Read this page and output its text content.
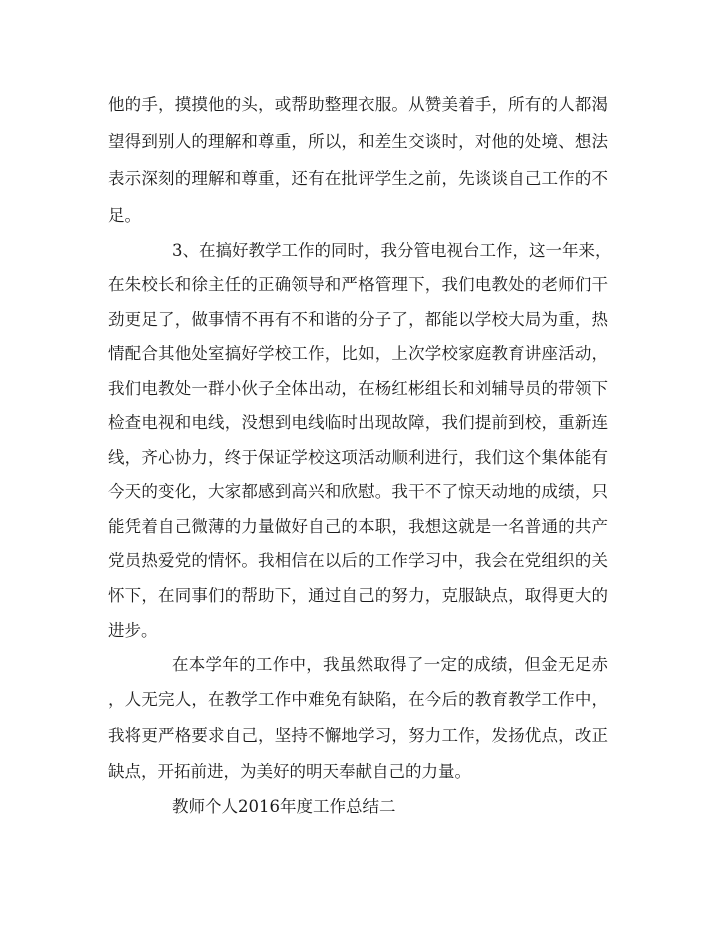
他的手，摸摸他的头，或帮助整理衣服。从赞美着手，所有的人都渴
望得到别人的理解和尊重，所以，和差生交谈时，对他的处境、想法
表示深刻的理解和尊重，还有在批评学生之前，先谈谈自己工作的不
足。
3、在搞好教学工作的同时，我分管电视台工作，这一年来，
在朱校长和徐主任的正确领导和严格管理下，我们电教处的老师们干
劲更足了，做事情不再有不和谐的分子了，都能以学校大局为重，热
情配合其他处室搞好学校工作，比如，上次学校家庭教育讲座活动，
我们电教处一群小伙子全体出动，在杨红彬组长和刘辅导员的带领下
检查电视和电线，没想到电线临时出现故障，我们提前到校，重新连
线，齐心协力，终于保证学校这项活动顺利进行，我们这个集体能有
今天的变化，大家都感到高兴和欣慰。我干不了惊天动地的成绩，只
能凭着自己微薄的力量做好自己的本职，我想这就是一名普通的共产
党员热爱党的情怀。我相信在以后的工作学习中，我会在党组织的关
怀下，在同事们的帮助下，通过自己的努力，克服缺点，取得更大的
进步。
在本学年的工作中，我虽然取得了一定的成绩，但金无足赤
，人无完人，在教学工作中难免有缺陷，在今后的教育教学工作中，
我将更严格要求自己，坚持不懈地学习，努力工作，发扬优点，改正
缺点，开拓前进，为美好的明天奉献自己的力量。
教师个人2016年度工作总结二
